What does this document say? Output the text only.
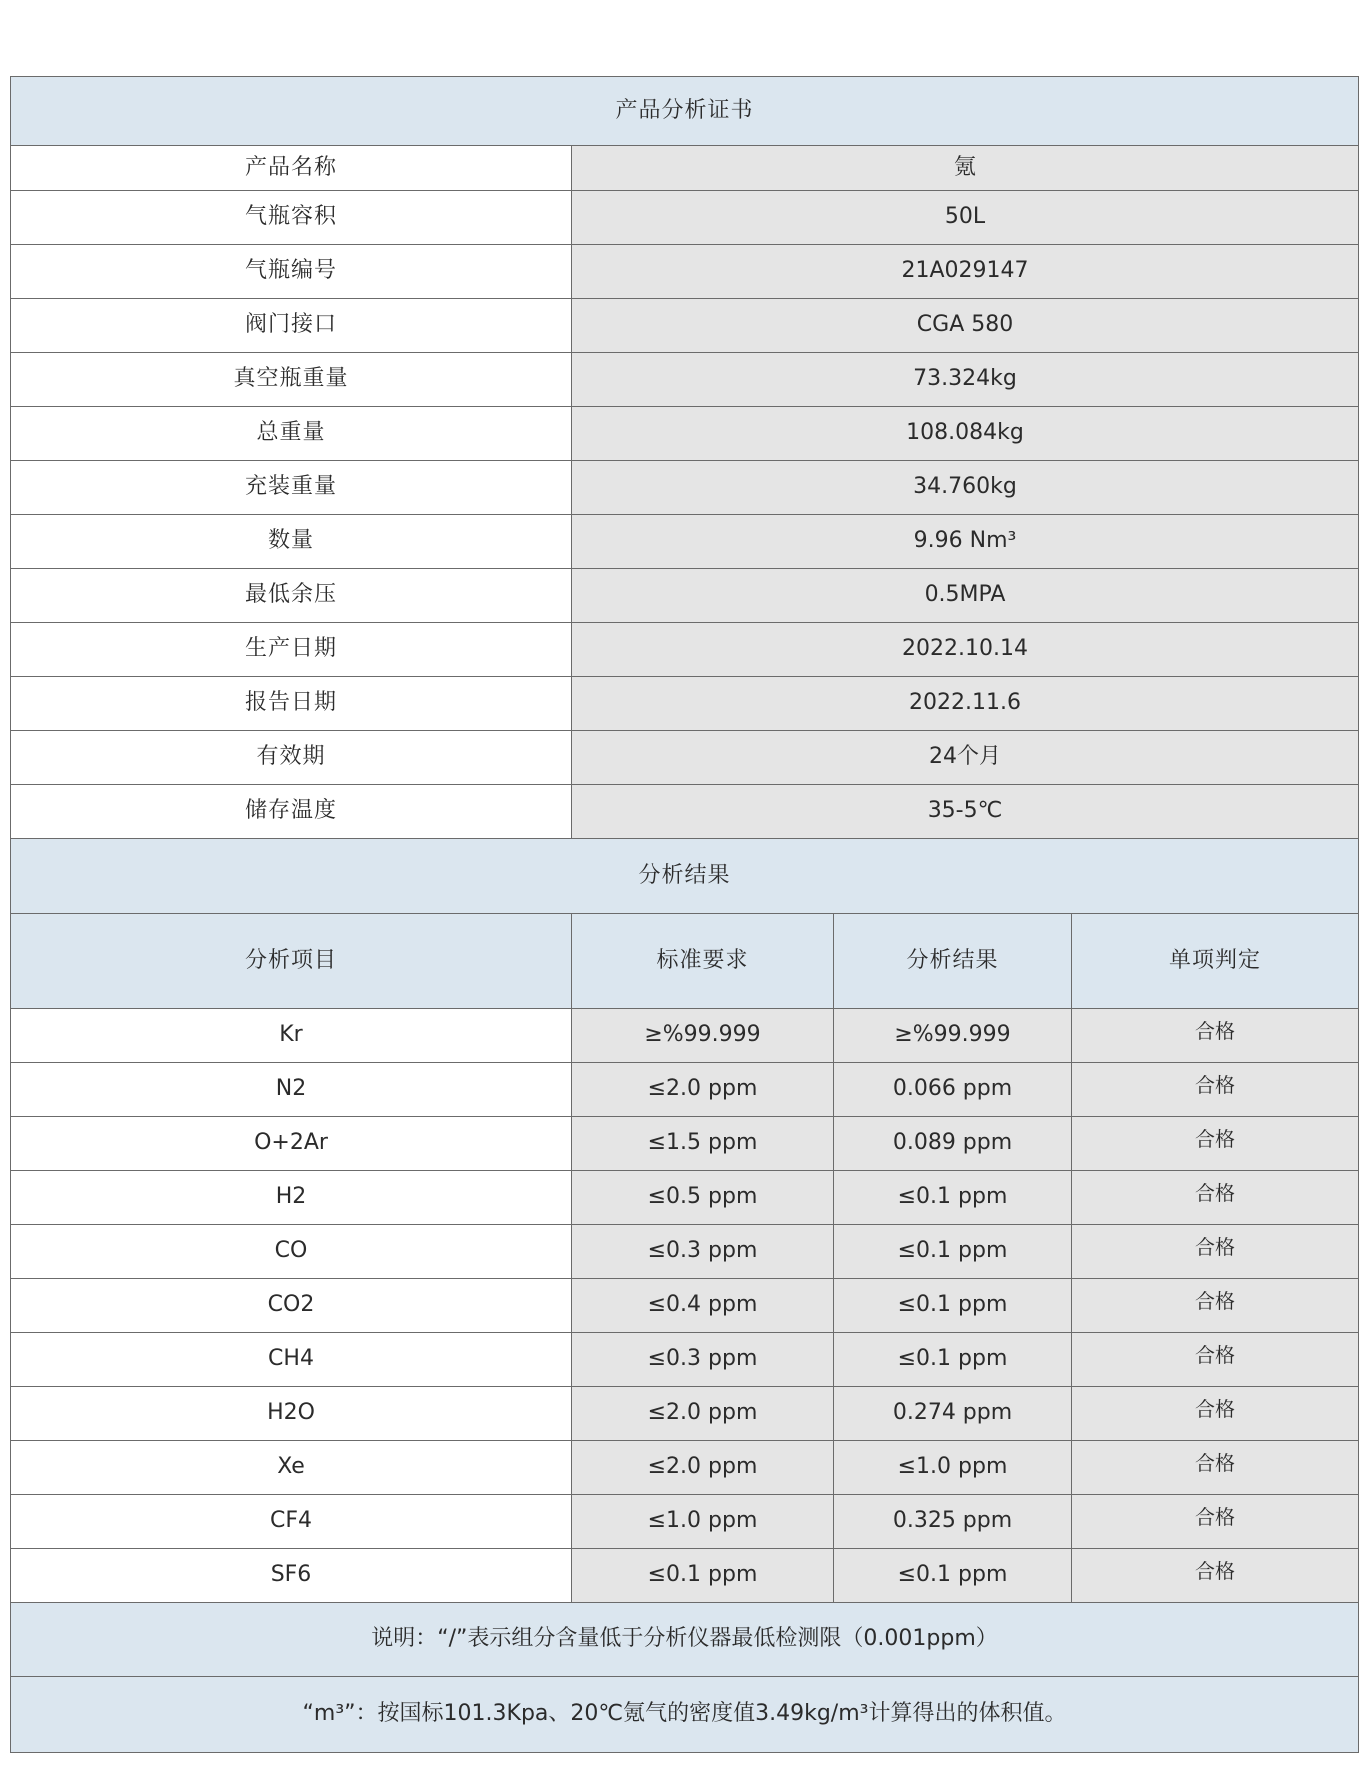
产品分析证书			
产品名称	氪		
气瓶容积	50L		
气瓶编号	21A029147		
阀门接口	CGA 580		
真空瓶重量	73.324kg		
总重量	108.084kg		
充装重量	34.760kg		
数量	9.96 Nm³		
最低余压	0.5MPA		
生产日期	2022.10.14		
报告日期	2022.11.6		
有效期	24个月		
储存温度	35-5℃		
分析结果			
分析项目	标准要求	分析结果	单项判定
Kr	≥%99.999	≥%99.999	合格
N2	≤2.0 ppm	0.066 ppm	合格
O+2Ar	≤1.5 ppm	0.089 ppm	合格
H2	≤0.5 ppm	≤0.1 ppm	合格
CO	≤0.3 ppm	≤0.1 ppm	合格
CO2	≤0.4 ppm	≤0.1 ppm	合格
CH4	≤0.3 ppm	≤0.1 ppm	合格
H2O	≤2.0 ppm	0.274 ppm	合格
Xe	≤2.0 ppm	≤1.0 ppm	合格
CF4	≤1.0 ppm	0.325 ppm	合格
SF6	≤0.1 ppm	≤0.1 ppm	合格
说明：“/”表示组分含量低于分析仪器最低检测限（0.001ppm）			
“m³”：按国标101.3Kpa、20℃氪气的密度值3.49kg/m³计算得出的体积值。			
